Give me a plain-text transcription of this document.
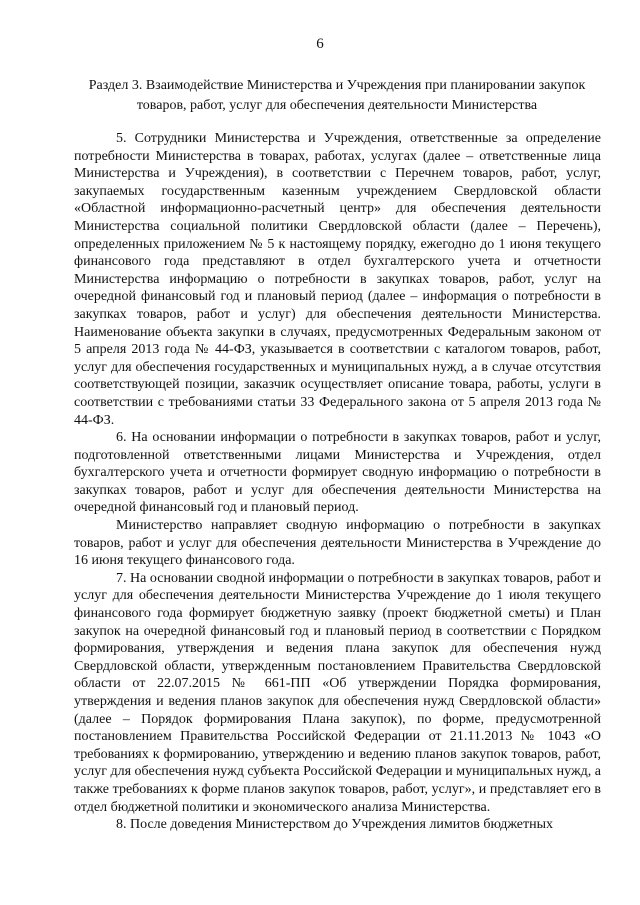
6
Раздел 3. Взаимодействие Министерства и Учреждения при планировании закупок товаров, работ, услуг для обеспечения деятельности Министерства

5. Сотрудники Министерства и Учреждения, ответственные за определение потребности Министерства в товарах, работах, услугах (далее – ответственные лица Министерства и Учреждения), в соответствии с Перечнем товаров, работ, услуг, закупаемых государственным казенным учреждением Свердловской области «Областной информационно-расчетный центр» для обеспечения деятельности Министерства социальной политики Свердловской области (далее – Перечень), определенных приложением № 5 к настоящему порядку, ежегодно до 1 июня текущего финансового года представляют в отдел бухгалтерского учета и отчетности Министерства информацию о потребности в закупках товаров, работ, услуг на очередной финансовый год и плановый период (далее – информация о потребности в закупках товаров, работ и услуг) для обеспечения деятельности Министерства. Наименование объекта закупки в случаях, предусмотренных Федеральным законом от 5 апреля 2013 года № 44-ФЗ, указывается в соответствии с каталогом товаров, работ, услуг для обеспечения государственных и муниципальных нужд, а в случае отсутствия соответствующей позиции, заказчик осуществляет описание товара, работы, услуги в соответствии с требованиями статьи 33 Федерального закона от 5 апреля 2013 года № 44-ФЗ.

6. На основании информации о потребности в закупках товаров, работ и услуг, подготовленной ответственными лицами Министерства и Учреждения, отдел бухгалтерского учета и отчетности формирует сводную информацию о потребности в закупках товаров, работ и услуг для обеспечения деятельности Министерства на очередной финансовый год и плановый период.

Министерство направляет сводную информацию о потребности в закупках товаров, работ и услуг для обеспечения деятельности Министерства в Учреждение до 16 июня текущего финансового года.

7. На основании сводной информации о потребности в закупках товаров, работ и услуг для обеспечения деятельности Министерства Учреждение до 1 июля текущего финансового года формирует бюджетную заявку (проект бюджетной сметы) и План закупок на очередной финансовый год и плановый период в соответствии с Порядком формирования, утверждения и ведения плана закупок для обеспечения нужд Свердловской области, утвержденным постановлением Правительства Свердловской области от 22.07.2015 № 661-ПП «Об утверждении Порядка формирования, утверждения и ведения планов закупок для обеспечения нужд Свердловской области» (далее – Порядок формирования Плана закупок), по форме, предусмотренной постановлением Правительства Российской Федерации от 21.11.2013 № 1043 «О требованиях к формированию, утверждению и ведению планов закупок товаров, работ, услуг для обеспечения нужд субъекта Российской Федерации и муниципальных нужд, а также требованиях к форме планов закупок товаров, работ, услуг», и представляет его в отдел бюджетной политики и экономического анализа Министерства.

8. После доведения Министерством до Учреждения лимитов бюджетных
